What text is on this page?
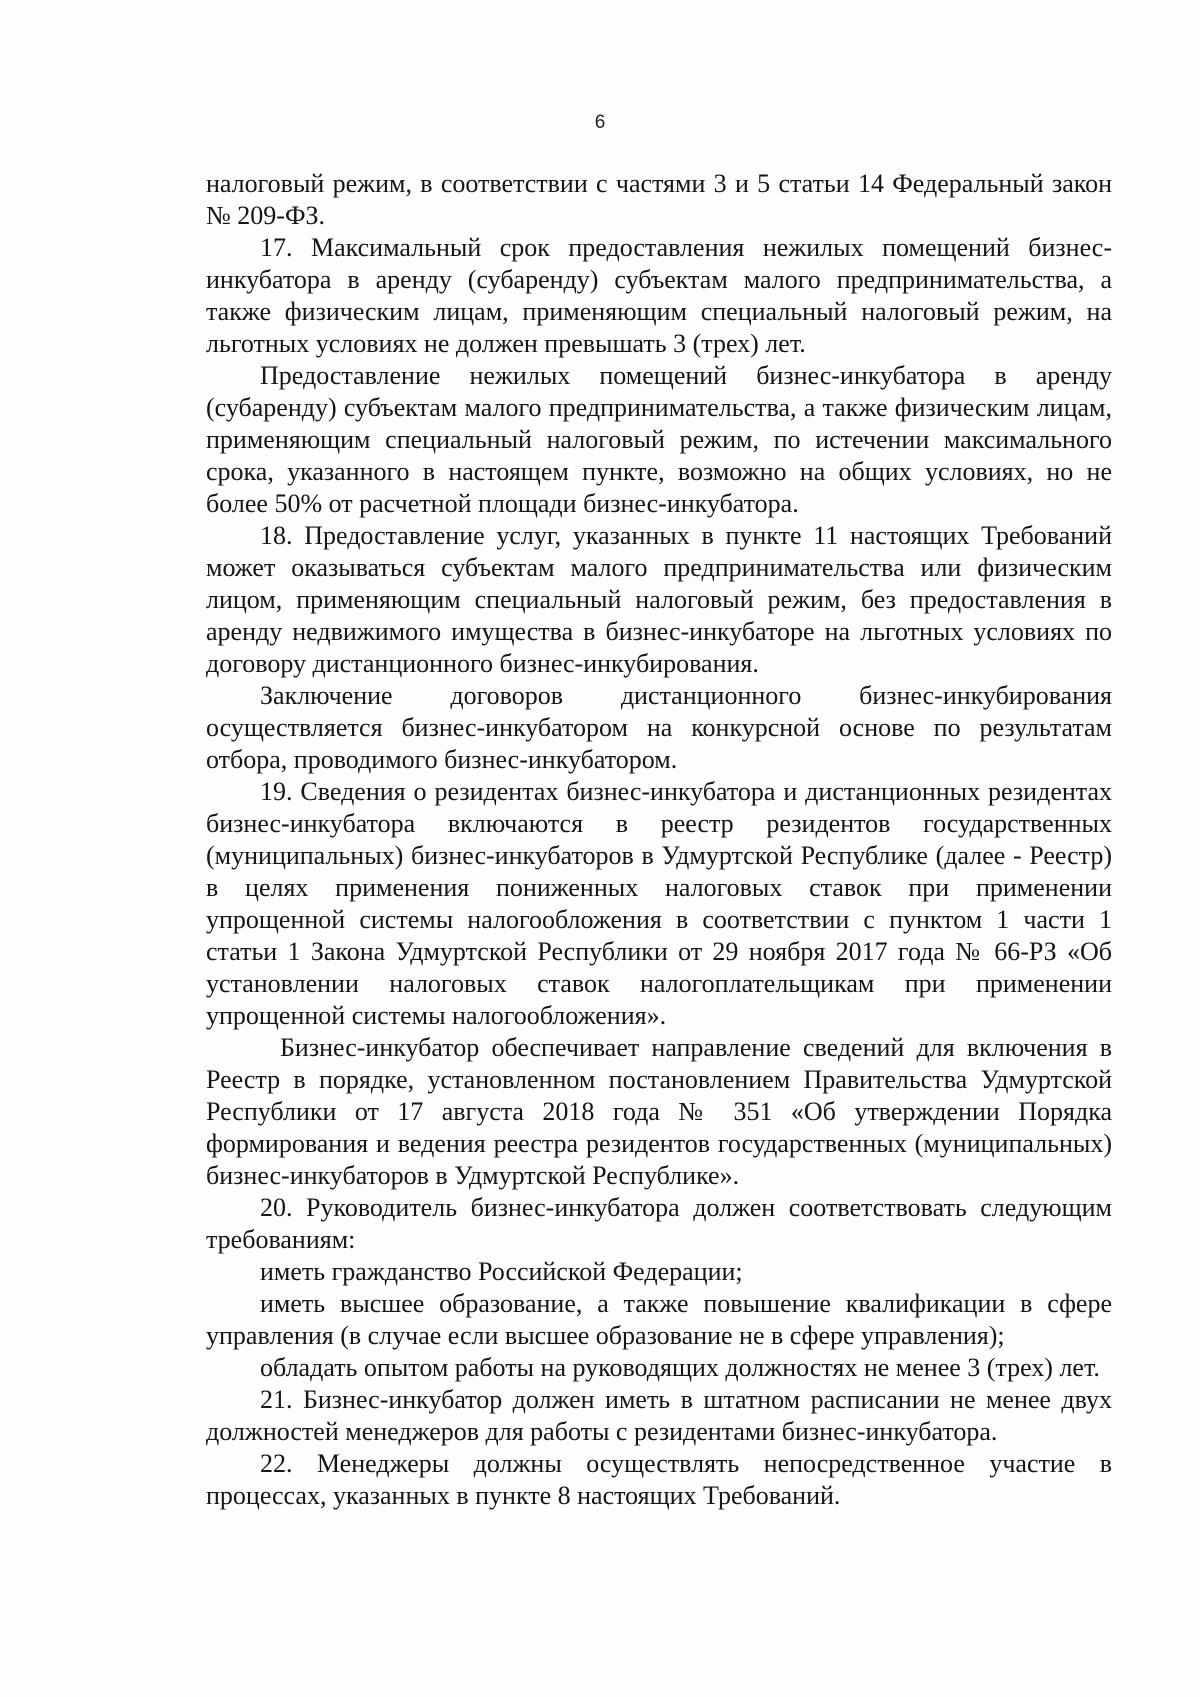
6

налоговый режим, в соответствии с частями 3 и 5 статьи 14 Федеральный закон № 209-ФЗ.

17. Максимальный срок предоставления нежилых помещений бизнес-инкубатора в аренду (субаренду) субъектам малого предпринимательства, а также физическим лицам, применяющим специальный налоговый режим, на льготных условиях не должен превышать 3 (трех) лет.

Предоставление нежилых помещений бизнес-инкубатора в аренду (субаренду) субъектам малого предпринимательства, а также физическим лицам, применяющим специальный налоговый режим, по истечении максимального срока, указанного в настоящем пункте, возможно на общих условиях, но не более 50% от расчетной площади бизнес-инкубатора.

18. Предоставление услуг, указанных в пункте 11 настоящих Требований может оказываться субъектам малого предпринимательства или физическим лицом, применяющим специальный налоговый режим, без предоставления в аренду недвижимого имущества в бизнес-инкубаторе на льготных условиях по договору дистанционного бизнес-инкубирования.

Заключение договоров дистанционного бизнес-инкубирования осуществляется бизнес-инкубатором на конкурсной основе по результатам отбора, проводимого бизнес-инкубатором.

19. Сведения о резидентах бизнес-инкубатора и дистанционных резидентах бизнес-инкубатора включаются в реестр резидентов государственных (муниципальных) бизнес-инкубаторов в Удмуртской Республике (далее - Реестр) в целях применения пониженных налоговых ставок при применении упрощенной системы налогообложения в соответствии с пунктом 1 части 1 статьи 1 Закона Удмуртской Республики от 29 ноября 2017 года № 66-РЗ «Об установлении налоговых ставок налогоплательщикам при применении упрощенной системы налогообложения».

Бизнес-инкубатор обеспечивает направление сведений для включения в Реестр в порядке, установленном постановлением Правительства Удмуртской Республики от 17 августа 2018 года № 351 «Об утверждении Порядка формирования и ведения реестра резидентов государственных (муниципальных) бизнес-инкубаторов в Удмуртской Республике».

20. Руководитель бизнес-инкубатора должен соответствовать следующим требованиям:

иметь гражданство Российской Федерации;

иметь высшее образование, а также повышение квалификации в сфере управления (в случае если высшее образование не в сфере управления);

обладать опытом работы на руководящих должностях не менее 3 (трех) лет.

21. Бизнес-инкубатор должен иметь в штатном расписании не менее двух должностей менеджеров для работы с резидентами бизнес-инкубатора.

22. Менеджеры должны осуществлять непосредственное участие в процессах, указанных в пункте 8 настоящих Требований.
